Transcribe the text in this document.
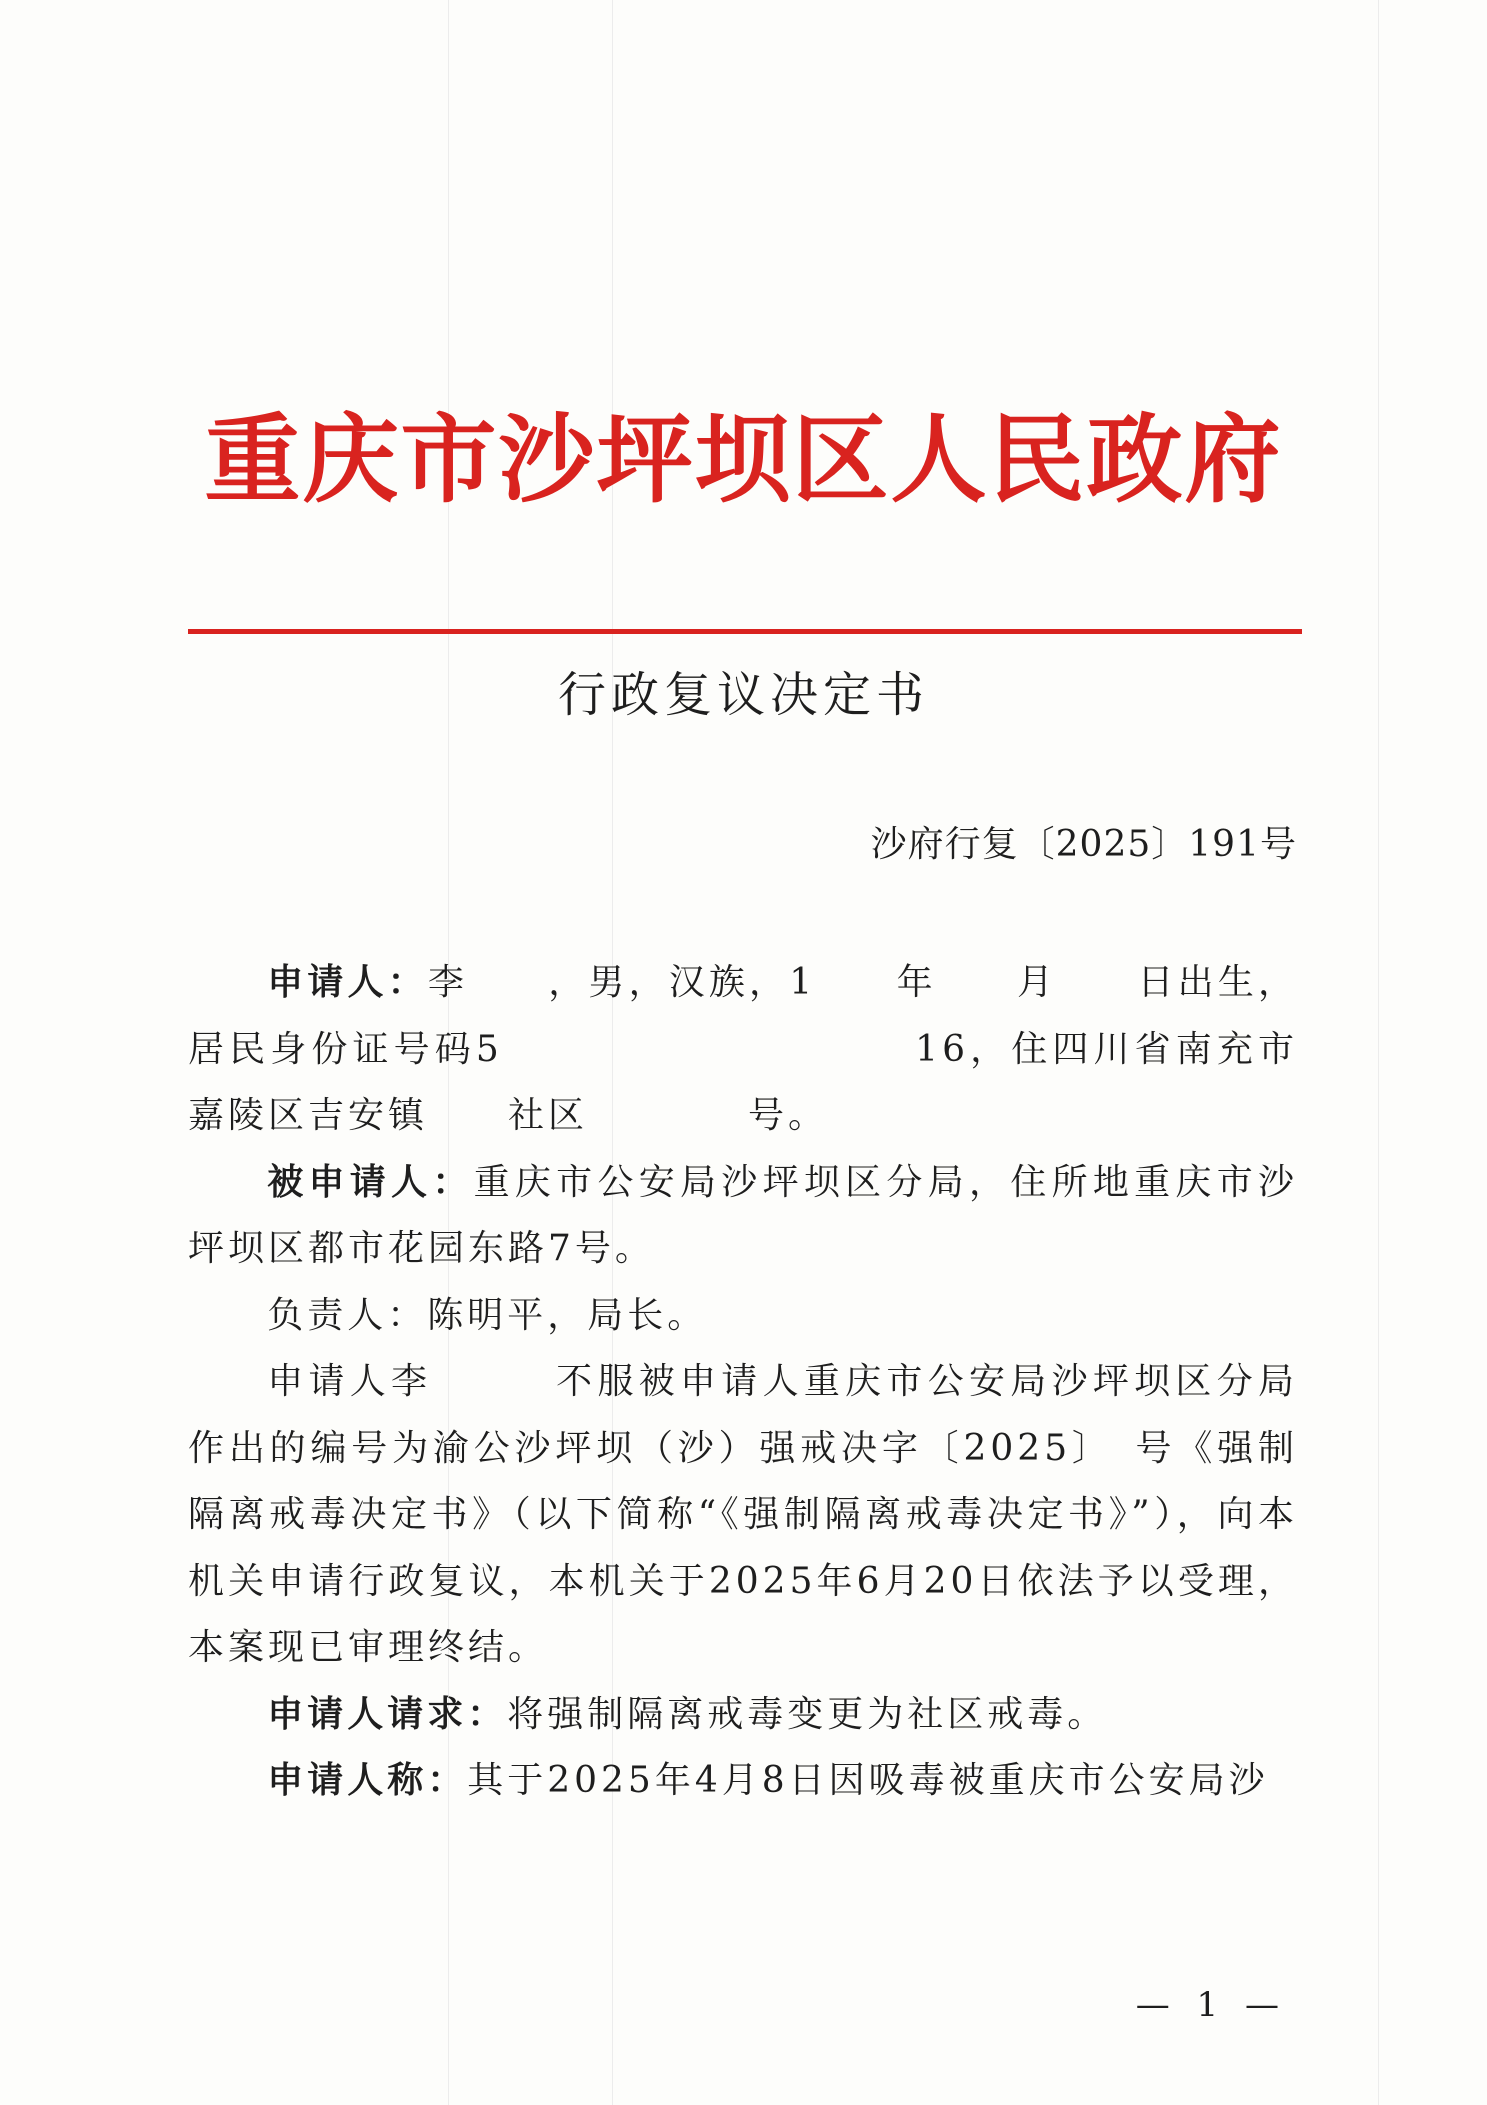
重庆市沙坪坝区人民政府
行政复议决定书
沙府行复〔2025〕191号

申请人：李　　，男，汉族，1　　年　　月　　日出生，居民身份证号码5　　　　　　　　　　16，住四川省南充市嘉陵区吉安镇　　社区　　　　号。

被申请人：重庆市公安局沙坪坝区分局，住所地重庆市沙坪坝区都市花园东路7号。

负责人：陈明平，局长。

申请人李　　　不服被申请人重庆市公安局沙坪坝区分局作出的编号为渝公沙坪坝（沙）强戒决字〔2025〕　号《强制隔离戒毒决定书》（以下简称“《强制隔离戒毒决定书》”），向本机关申请行政复议，本机关于2025年6月20日依法予以受理，本案现已审理终结。

申请人请求：将强制隔离戒毒变更为社区戒毒。

申请人称：其于2025年4月8日因吸毒被重庆市公安局沙

— 1 —
